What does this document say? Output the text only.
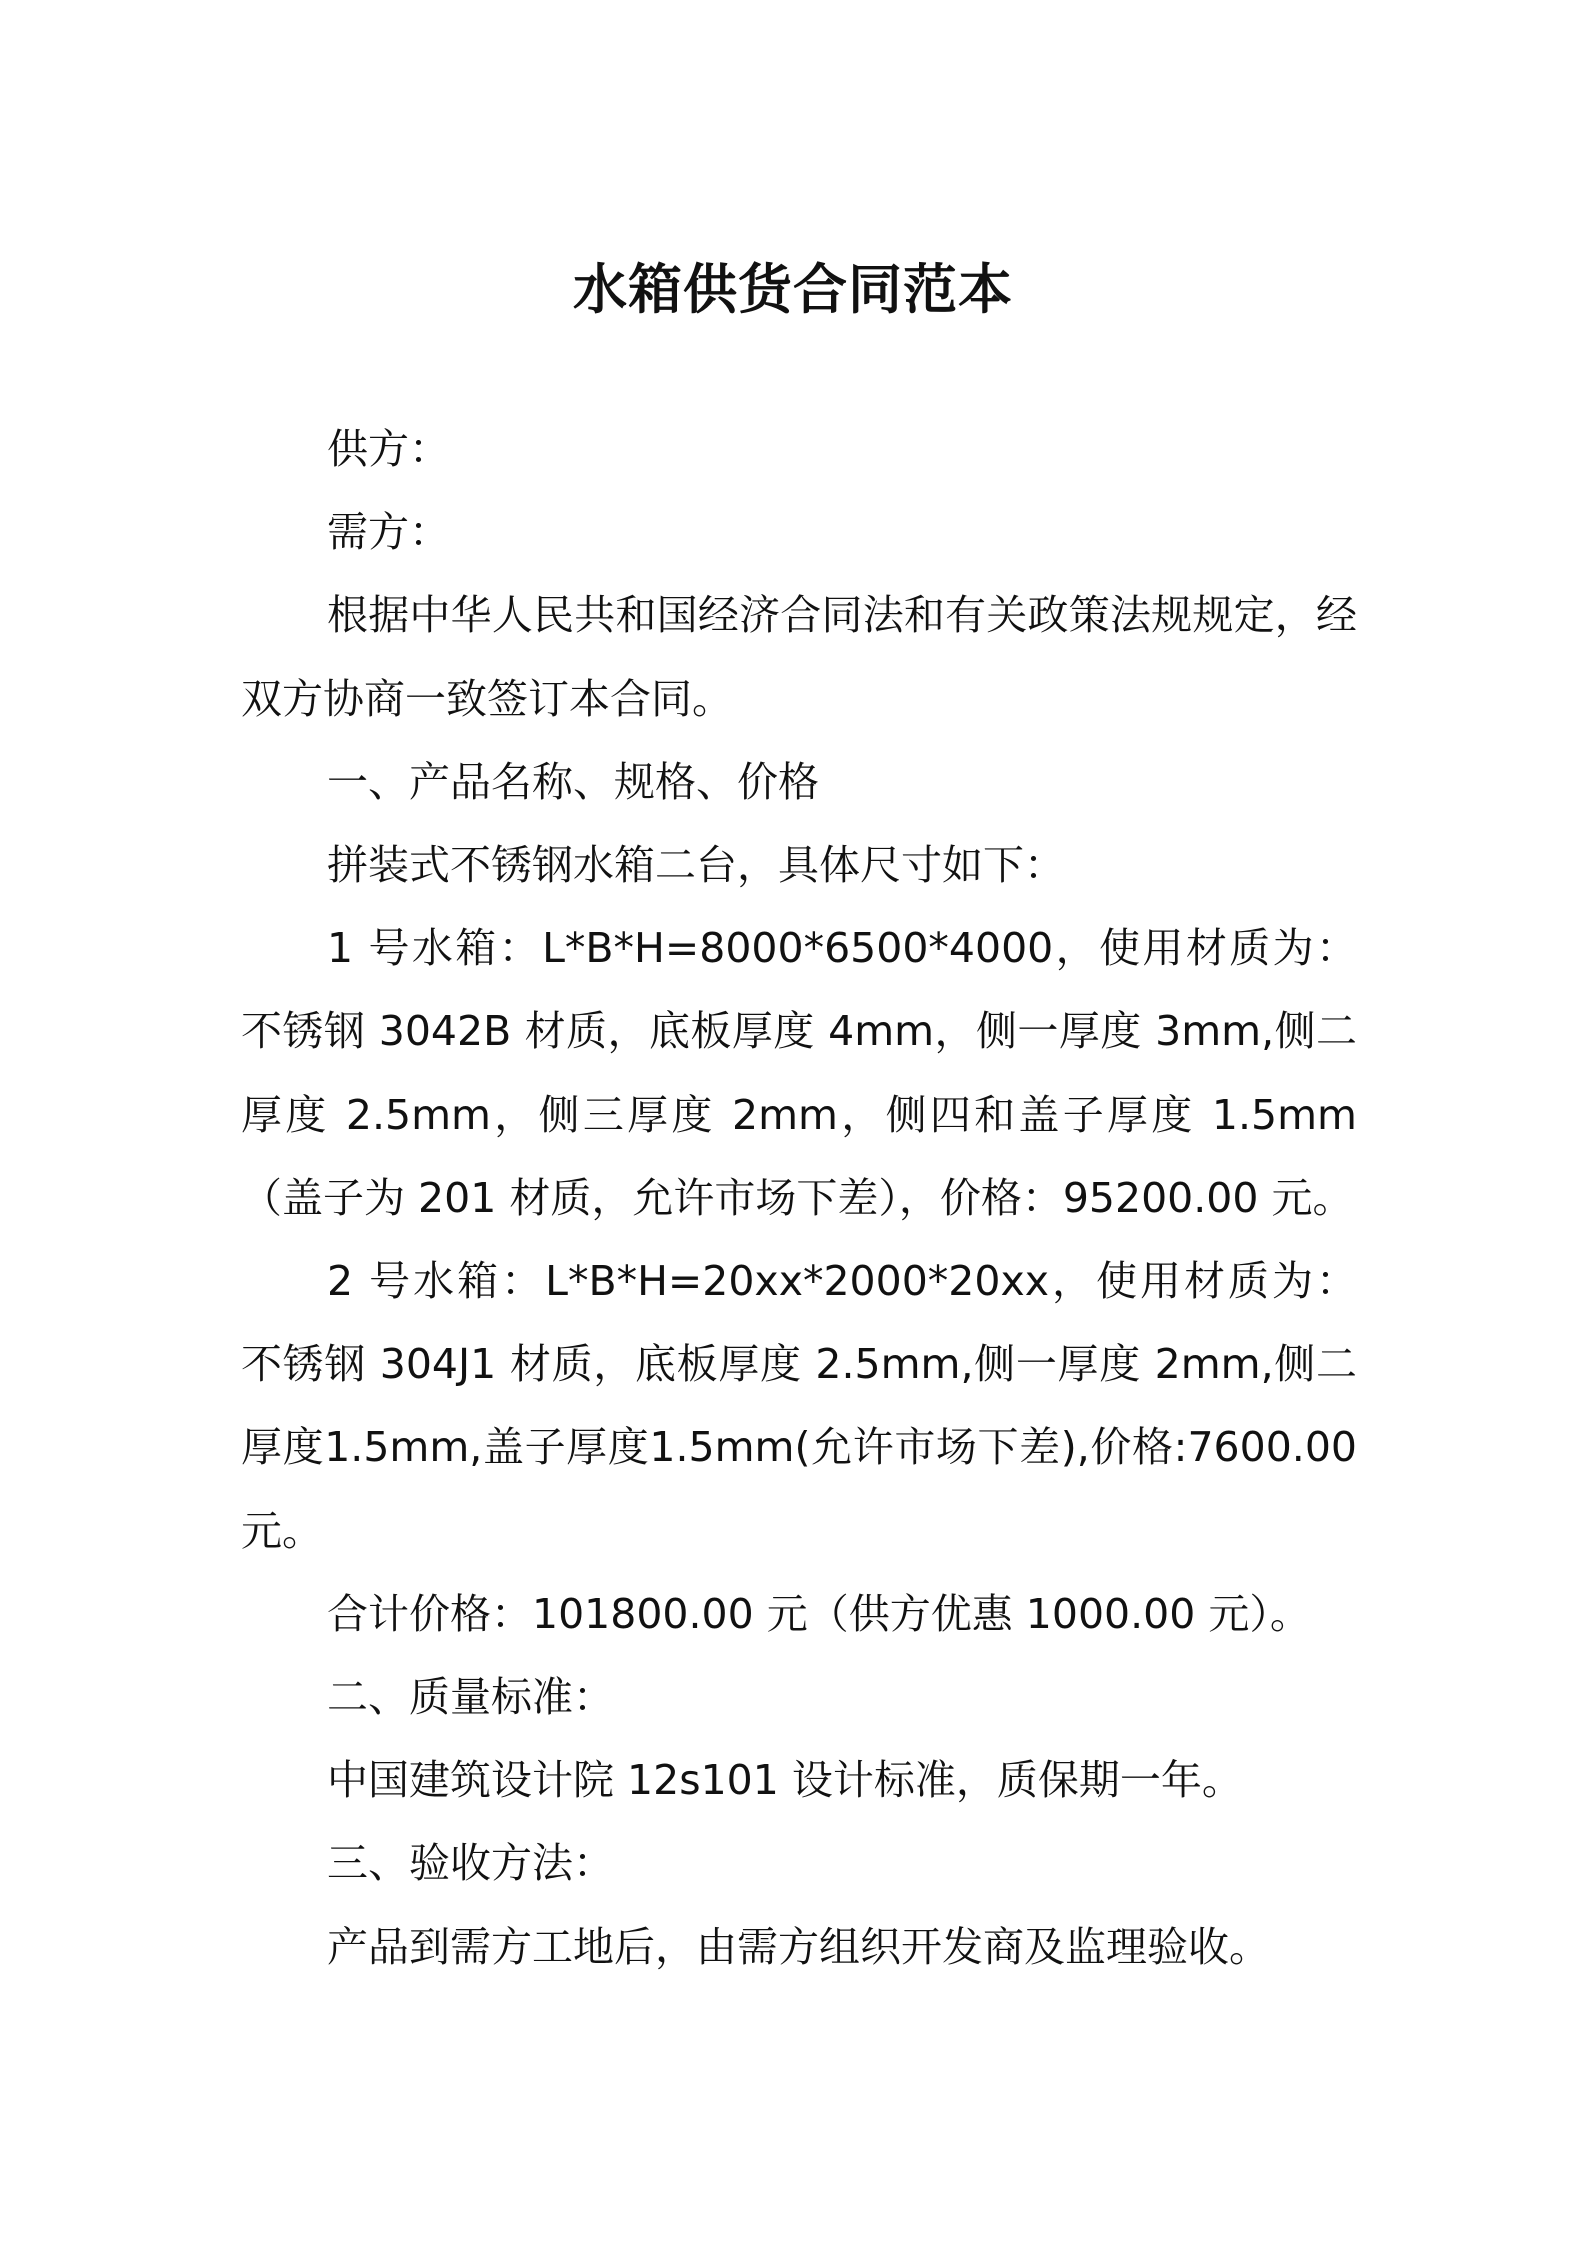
水箱供货合同范本

供方：

需方：

根据中华人民共和国经济合同法和有关政策法规规定，经双方协商一致签订本合同。

一、产品名称、规格、价格

拼装式不锈钢水箱二台，具体尺寸如下：

1 号水箱：L*B*H=8000*6500*4000，使用材质为：不锈钢 3042B 材质，底板厚度 4mm，侧一厚度 3mm,侧二厚度 2.5mm，侧三厚度 2mm，侧四和盖子厚度 1.5mm（盖子为 201 材质，允许市场下差），价格：95200.00 元。

2 号水箱：L*B*H=20xx*2000*20xx，使用材质为：不锈钢 304J1 材质，底板厚度 2.5mm,侧一厚度 2mm,侧二厚度1.5mm,盖子厚度1.5mm(允许市场下差),价格:7600.00元。

合计价格：101800.00 元（供方优惠 1000.00 元）。

二、质量标准：

中国建筑设计院 12s101 设计标准，质保期一年。

三、验收方法：

产品到需方工地后，由需方组织开发商及监理验收。
